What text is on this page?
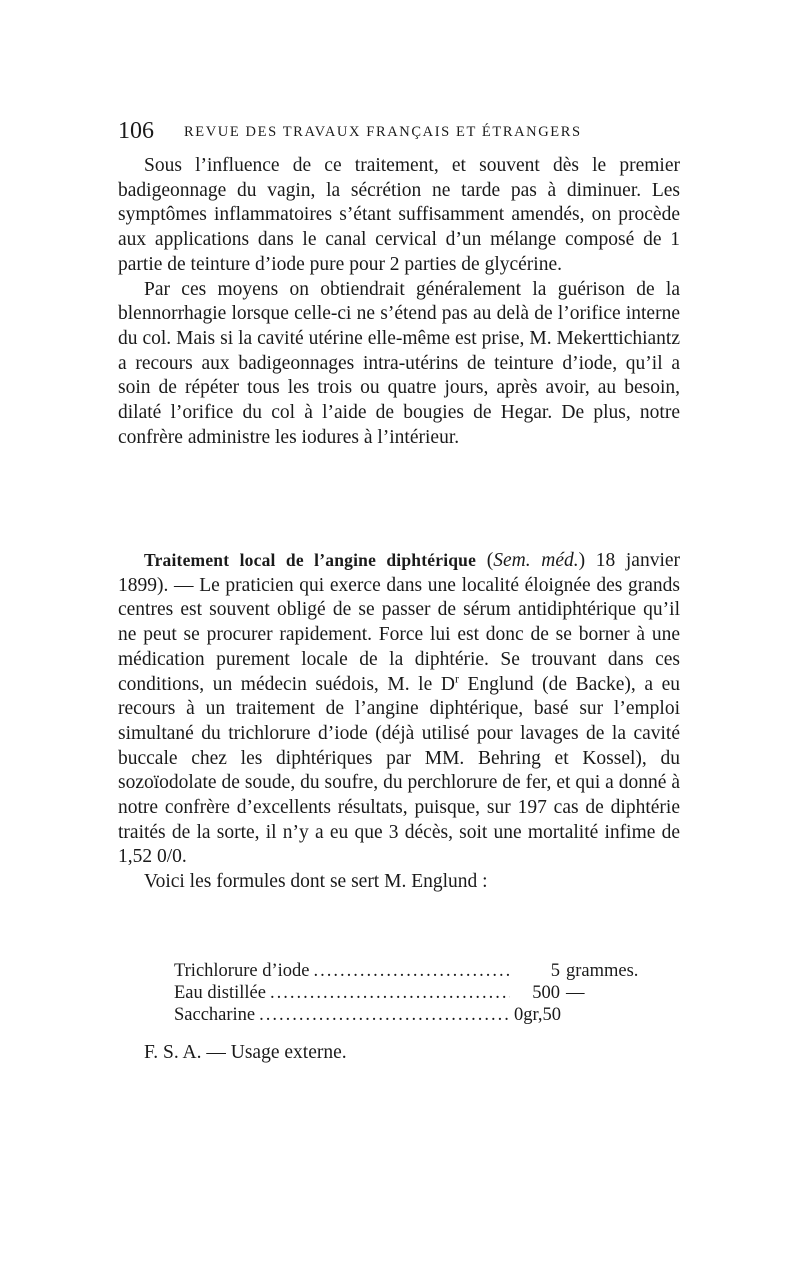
106 REVUE DES TRAVAUX FRANÇAIS ET ÉTRANGERS

Sous l’influence de ce traitement, et souvent dès le premier badigeonnage du vagin, la sécrétion ne tarde pas à diminuer. Les symptômes inflammatoires s’étant suffisamment amendés, on procède aux applications dans le canal cervical d’un mélange composé de 1 partie de teinture d’iode pure pour 2 parties de glycérine.

Par ces moyens on obtiendrait généralement la guérison de la blennorrhagie lorsque celle-ci ne s’étend pas au delà de l’orifice interne du col. Mais si la cavité utérine elle-même est prise, M. Mekerttichiantz a recours aux badigeonnages intra-utérins de teinture d’iode, qu’il a soin de répéter tous les trois ou quatre jours, après avoir, au besoin, dilaté l’orifice du col à l’aide de bougies de Hegar. De plus, notre confrère administre les iodures à l’intérieur.

Traitement local de l’angine diphtérique (Sem. méd.) 18 janvier 1899). — Le praticien qui exerce dans une localité éloignée des grands centres est souvent obligé de se passer de sérum antidiphtérique qu’il ne peut se procurer rapidement. Force lui est donc de se borner à une médication purement locale de la diphtérie. Se trouvant dans ces conditions, un médecin suédois, M. le $D^r$ Englund (de Backe), a eu recours à un traitement de l’angine diphtérique, basé sur l’emploi simultané du trichlorure d’iode (déjà utilisé pour lavages de la cavité buccale chez les diphtériques par MM. Behring et Kossel), du sozoïodolate de soude, du soufre, du perchlorure de fer, et qui a donné à notre confrère d’excellents résultats, puisque, sur 197 cas de diphtérie traités de la sorte, il n’y a eu que 3 décès, soit une mortalité infime de 1,52 0/0.

Voici les formules dont se sert M. Englund :

Trichlorure d’iode .....	5 grammes.
Eau distillée .....	500 —
Saccharine .....	0gr,50
F. S. A. — Usage externe.
